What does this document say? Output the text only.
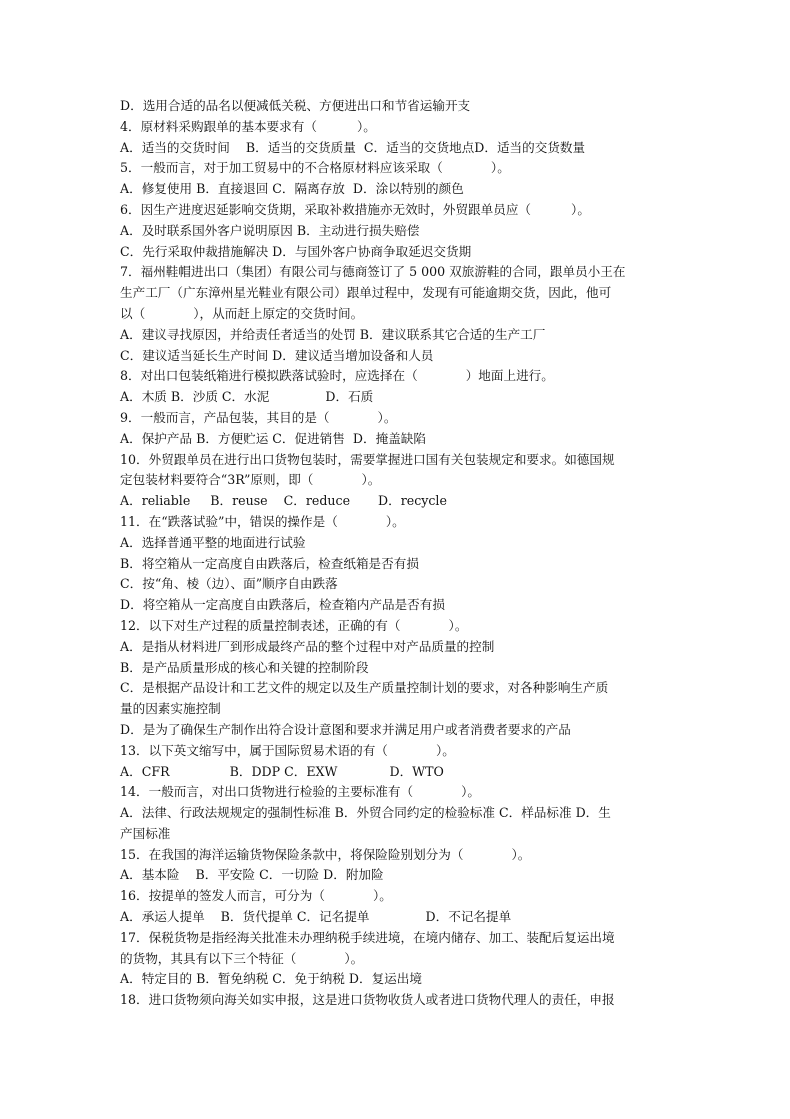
D．选用合适的品名以便减低关税、方便进出口和节省运输开支
4．原材料采购跟单的基本要求有（          ）。
A．适当的交货时间    B．适当的交货质量  C．适当的交货地点D．适当的交货数量
5．一般而言，对于加工贸易中的不合格原材料应该采取（            ）。
A．修复使用 B．直接退回 C．隔离存放  D．涂以特别的颜色
6．因生产进度迟延影响交货期，采取补救措施亦无效时，外贸跟单员应（          ）。
A．及时联系国外客户说明原因 B．主动进行损失赔偿
C．先行采取仲裁措施解决 D．与国外客户协商争取延迟交货期
7．福州鞋帽进出口（集团）有限公司与德商签订了 5 000 双旅游鞋的合同，跟单员小王在
生产工厂（广东漳州星光鞋业有限公司）跟单过程中，发现有可能逾期交货，因此，他可
以（            ），从而赶上原定的交货时间。
A．建议寻找原因，并给责任者适当的处罚 B．建议联系其它合适的生产工厂
C．建议适当延长生产时间 D．建议适当增加设备和人员
8．对出口包装纸箱进行模拟跌落试验时，应选择在（            ）地面上进行。
A．木质 B．沙质 C．水泥              D．石质
9．一般而言，产品包装，其目的是（            ）。
A．保护产品 B．方便贮运 C．促进销售  D．掩盖缺陷
10．外贸跟单员在进行出口货物包装时，需要掌握进口国有关包装规定和要求。如德国规
定包装材料要符合“3R”原则，即（            ）。
A．reliable     B．reuse    C．reduce       D．recycle
11．在“跌落试验”中，错误的操作是（            ）。
A．选择普通平整的地面进行试验
B．将空箱从一定高度自由跌落后，检查纸箱是否有损
C．按“角、棱（边）、面”顺序自由跌落
D．将空箱从一定高度自由跌落后，检查箱内产品是否有损
12．以下对生产过程的质量控制表述，正确的有（            ）。
A．是指从材料进厂到形成最终产品的整个过程中对产品质量的控制
B．是产品质量形成的核心和关键的控制阶段
C．是根据产品设计和工艺文件的规定以及生产质量控制计划的要求，对各种影响生产质
量的因素实施控制
D．是为了确保生产制作出符合设计意图和要求并满足用户或者消费者要求的产品
13．以下英文缩写中，属于国际贸易术语的有（            ）。
A．CFR               B．DDP C．EXW             D．WTO
14．一般而言，对出口货物进行检验的主要标准有（            ）。
A．法律、行政法规规定的强制性标准 B．外贸合同约定的检验标准 C．样品标准 D．生
产国标准
15．在我国的海洋运输货物保险条款中，将保险险别划分为（            ）。
A．基本险    B．平安险 C．一切险 D．附加险
16．按提单的签发人而言，可分为（            ）。
A．承运人提单    B．货代提单 C．记名提单              D．不记名提单
17．保税货物是指经海关批准未办理纳税手续进境，在境内储存、加工、装配后复运出境
的货物，其具有以下三个特征（            ）。
A．特定目的 B．暂免纳税 C．免于纳税 D．复运出境
18．进口货物须向海关如实申报，这是进口货物收货人或者进口货物代理人的责任，申报
